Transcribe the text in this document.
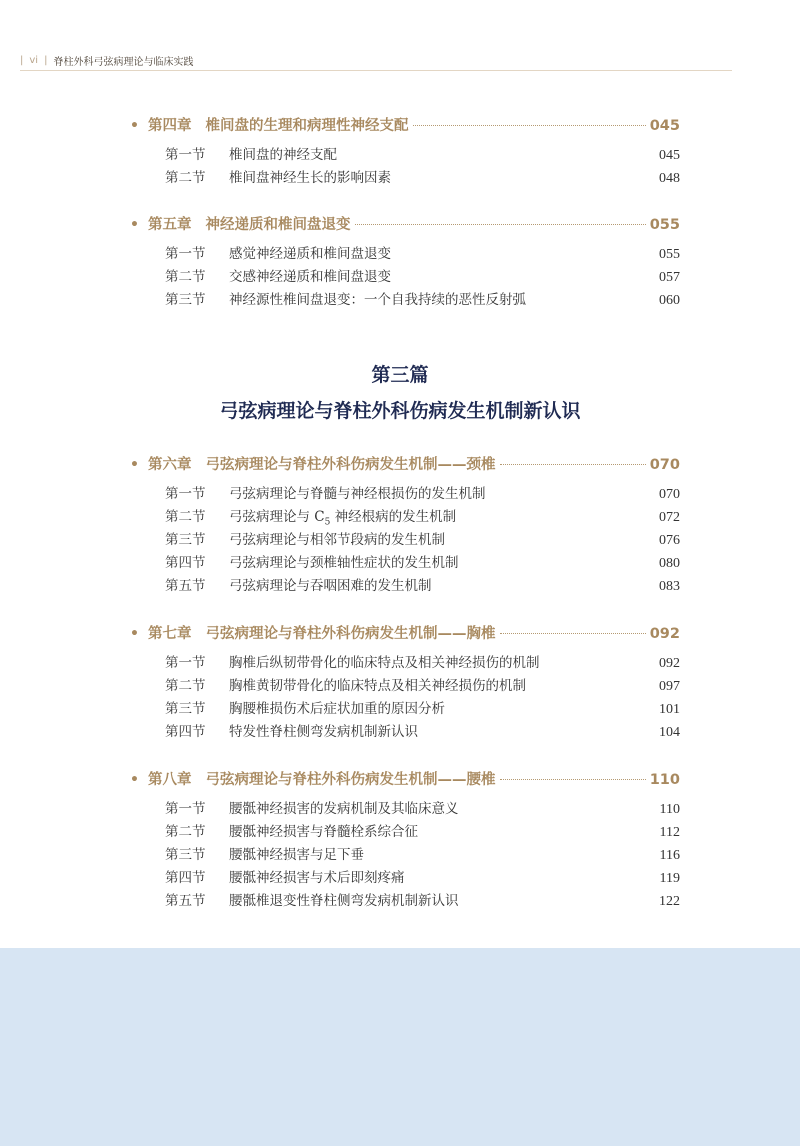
| vi | 脊柱外科弓弦病理论与临床实践
• 第四章 椎间盘的生理和病理性神经支配	045
第一节	椎间盘的神经支配	045
第二节	椎间盘神经生长的影响因素	048
• 第五章 神经递质和椎间盘退变	055
第一节	感觉神经递质和椎间盘退变	055
第二节	交感神经递质和椎间盘退变	057
第三节	神经源性椎间盘退变：一个自我持续的恶性反射弧	060
第三篇
弓弦病理论与脊柱外科伤病发生机制新认识
• 第六章 弓弦病理论与脊柱外科伤病发生机制——颈椎	070
第一节	弓弦病理论与脊髓与神经根损伤的发生机制	070
第二节	弓弦病理论与 $C_5$ 神经根病的发生机制	072
第三节	弓弦病理论与相邻节段病的发生机制	076
第四节	弓弦病理论与颈椎轴性症状的发生机制	080
第五节	弓弦病理论与吞咽困难的发生机制	083
• 第七章 弓弦病理论与脊柱外科伤病发生机制——胸椎	092
第一节	胸椎后纵韧带骨化的临床特点及相关神经损伤的机制	092
第二节	胸椎黄韧带骨化的临床特点及相关神经损伤的机制	097
第三节	胸腰椎损伤术后症状加重的原因分析	101
第四节	特发性脊柱侧弯发病机制新认识	104
• 第八章 弓弦病理论与脊柱外科伤病发生机制——腰椎	110
第一节	腰骶神经损害的发病机制及其临床意义	110
第二节	腰骶神经损害与脊髓栓系综合征	112
第三节	腰骶神经损害与足下垂	116
第四节	腰骶神经损害与术后即刻疼痛	119
第五节	腰骶椎退变性脊柱侧弯发病机制新认识	122
